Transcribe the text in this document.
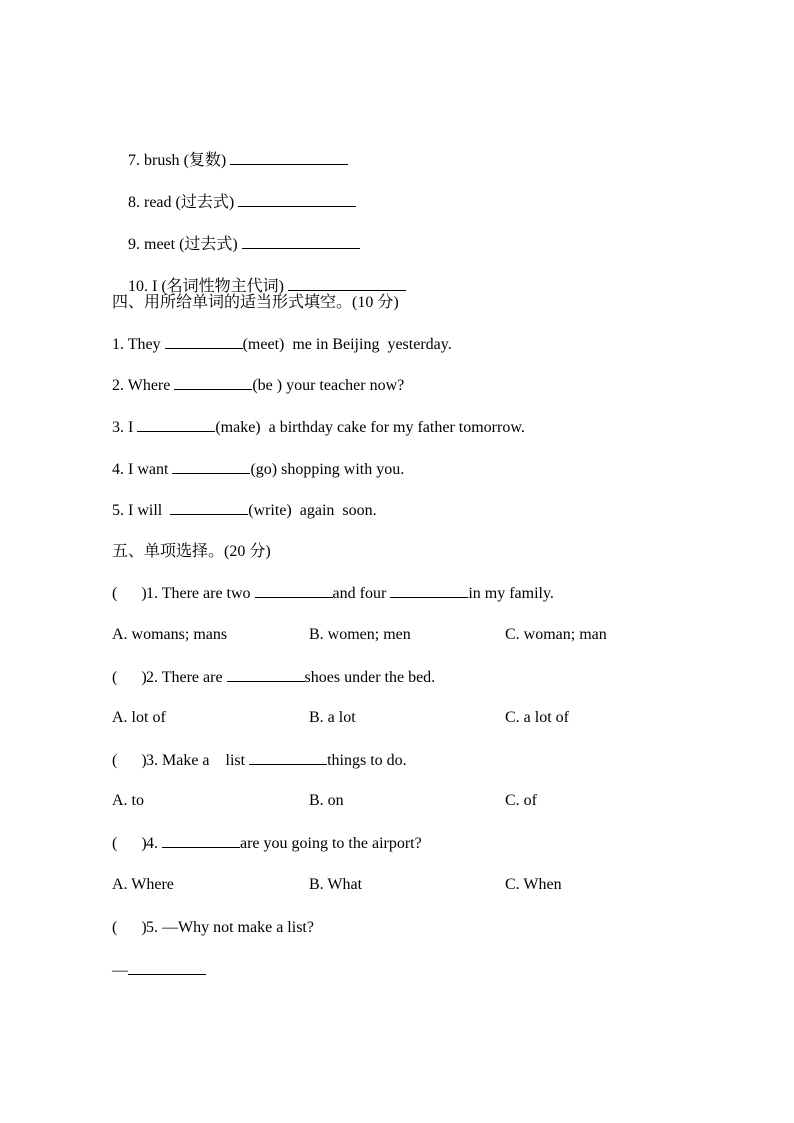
7. brush (复数)

8. read (过去式)

9. meet (过去式)

10. I (名词性物主代词)

四、用所给单词的适当形式填空。(10 分)
1. They	(meet)  me in Beijing  yesterday.
2. Where	(be ) your teacher now?
3. I	(make)  a birthday cake for my father tomorrow.
4. I want	(go) shopping with you.
5. I will	(write)  again  soon.
五、单项选择。(20 分)
( )1. There are two	and four	in my family.
A. womans; mans	B. women; men	C. woman; man
( )2. There are	shoes under the bed.
A. lot of	B. a lot	C. a lot of
( )3. Make a    list	things to do.
A. to	B. on	C. of
( )4.	are you going to the airport?
A. Where	B. What	C. When
( )5. —Why not make a list?
—
